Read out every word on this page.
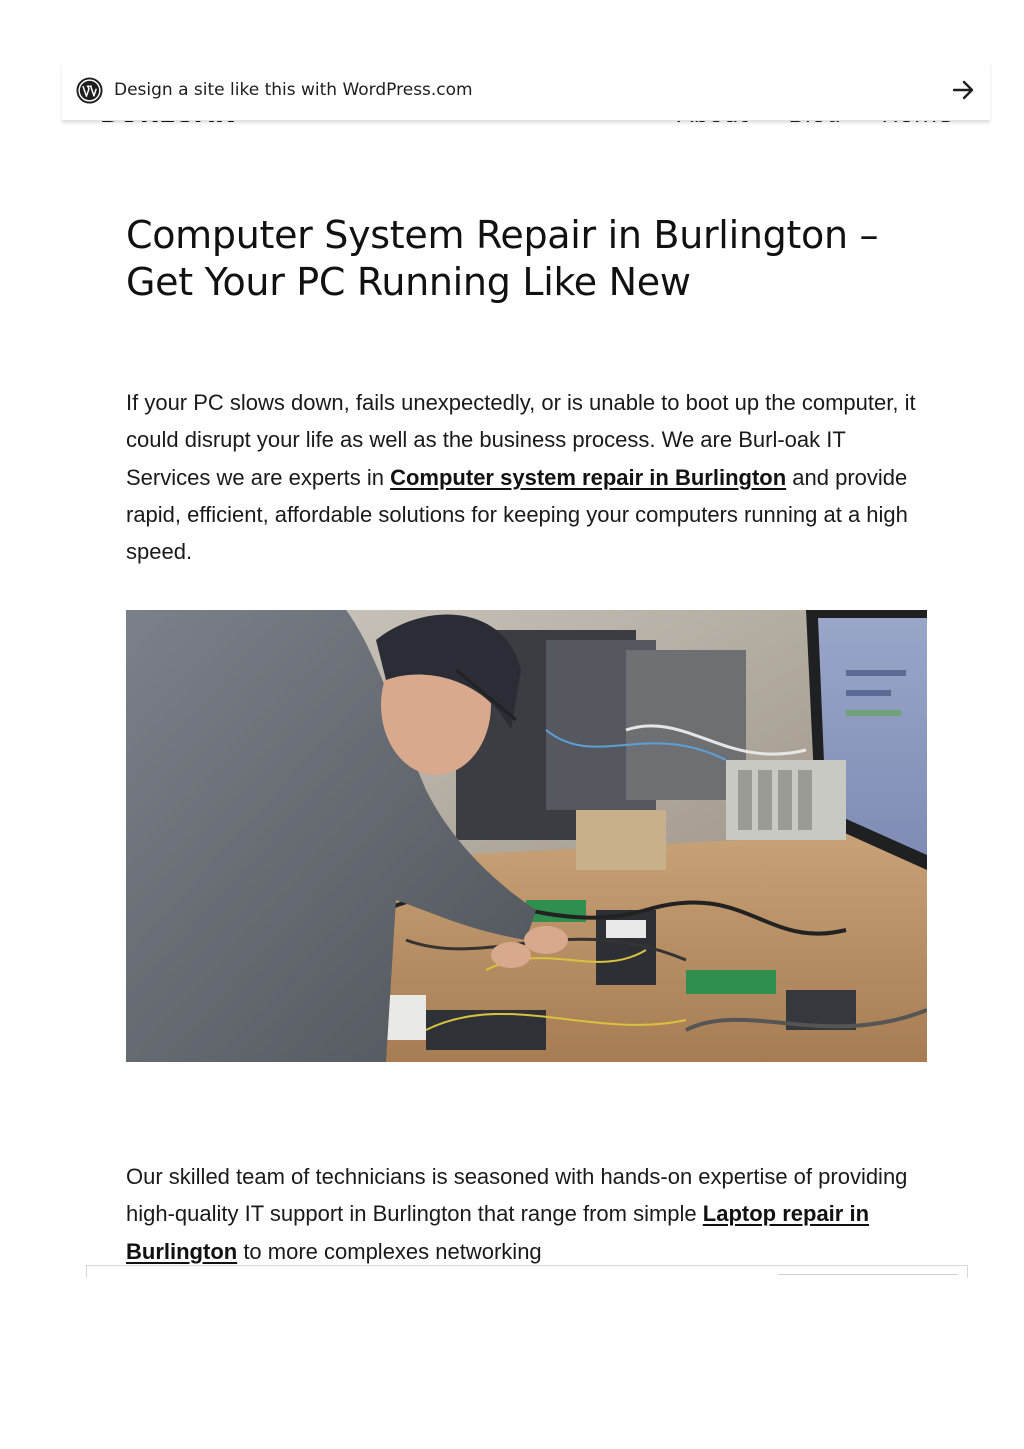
Design a site like this with WordPress.com
Computer System Repair in Burlington – Get Your PC Running Like New

If your PC slows down, fails unexpectedly, or is unable to boot up the computer, it could disrupt your life as well as the business process. We are Burl-oak IT Services we are experts in Computer system repair in Burlington and provide rapid, efficient, affordable solutions for keeping your computers running at a high speed.

Our skilled team of technicians is seasoned with hands-on expertise of providing high-quality IT support in Burlington that range from simple Laptop repair in Burlington to more complexes networking
